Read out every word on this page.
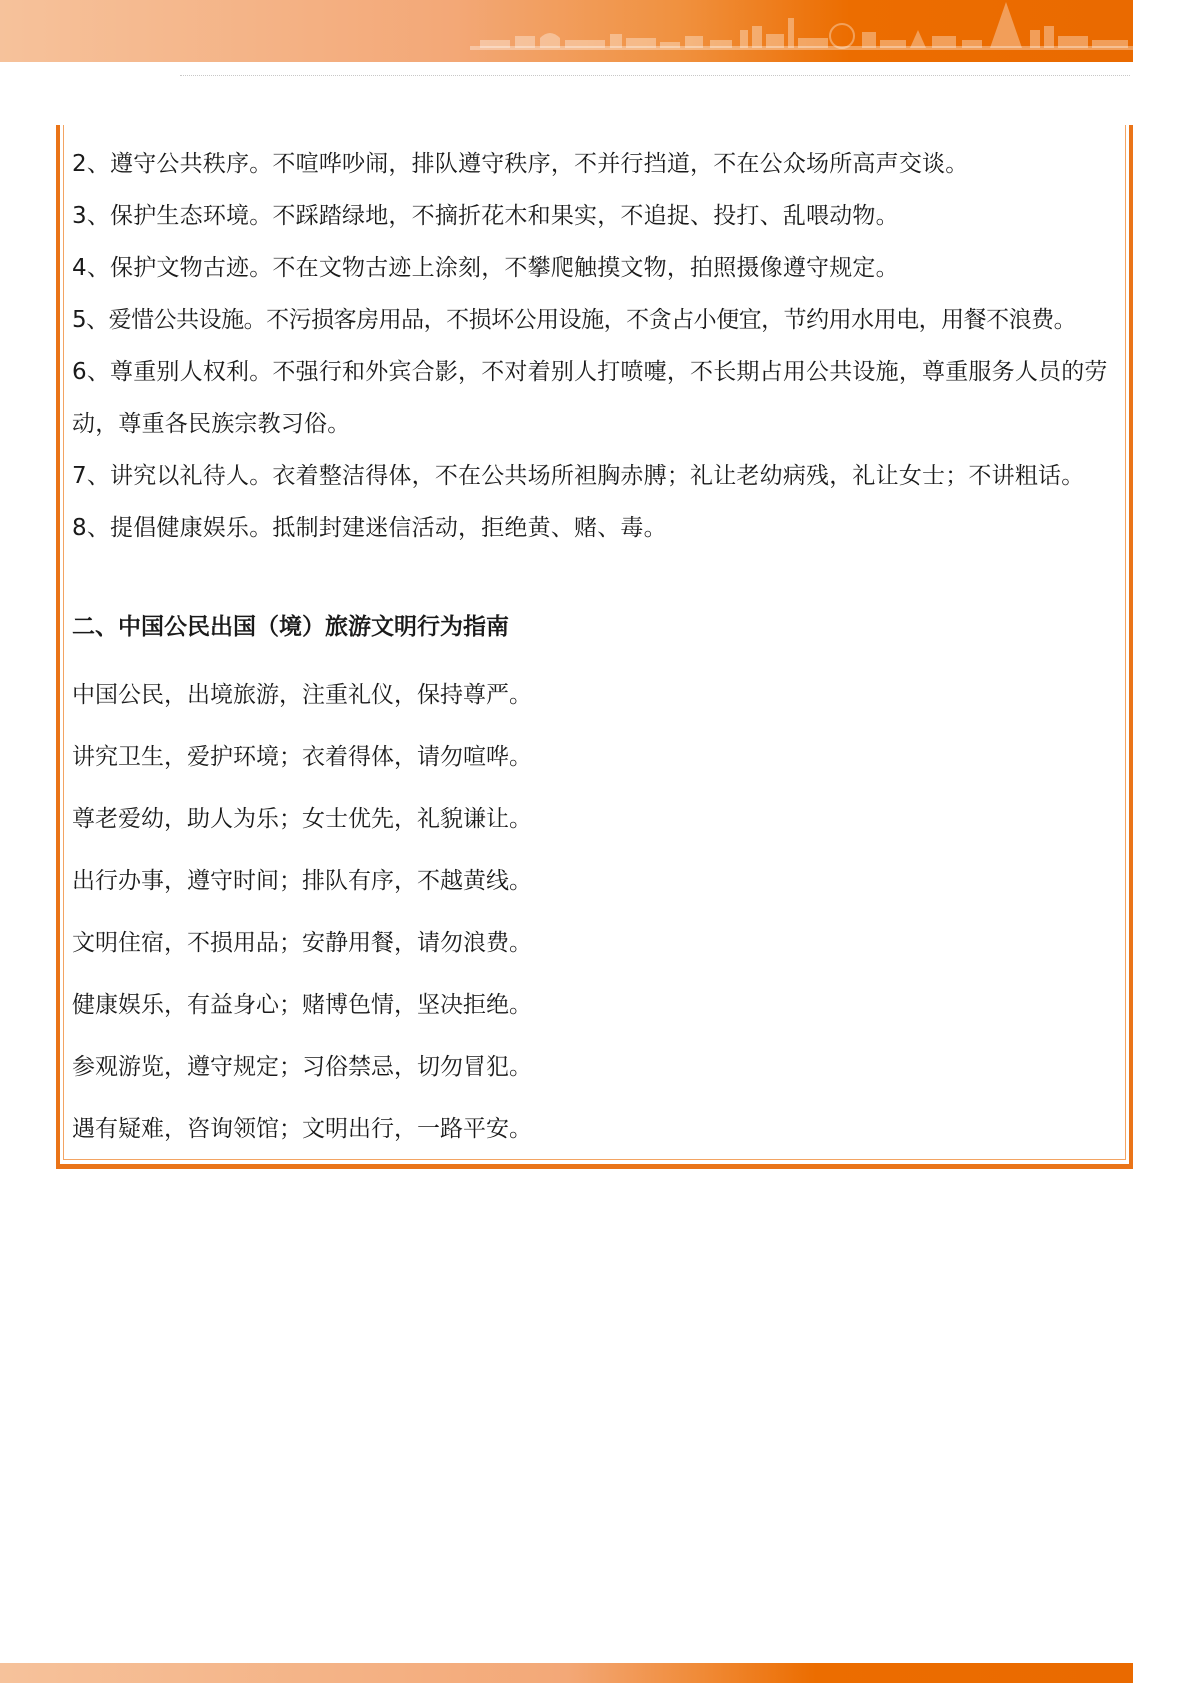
2、遵守公共秩序。不喧哗吵闹，排队遵守秩序，不并行挡道，不在公众场所高声交谈。

3、保护生态环境。不踩踏绿地，不摘折花木和果实，不追捉、投打、乱喂动物。

4、保护文物古迹。不在文物古迹上涂刻，不攀爬触摸文物，拍照摄像遵守规定。

5、爱惜公共设施。不污损客房用品，不损坏公用设施，不贪占小便宜，节约用水用电，用餐不浪费。

6、尊重别人权利。不强行和外宾合影，不对着别人打喷嚏，不长期占用公共设施，尊重服务人员的劳动，尊重各民族宗教习俗。

7、讲究以礼待人。衣着整洁得体，不在公共场所袒胸赤膊；礼让老幼病残，礼让女士；不讲粗话。

8、提倡健康娱乐。抵制封建迷信活动，拒绝黄、赌、毒。

二、中国公民出国（境）旅游文明行为指南

中国公民，出境旅游，注重礼仪，保持尊严。

讲究卫生，爱护环境；衣着得体，请勿喧哗。

尊老爱幼，助人为乐；女士优先，礼貌谦让。

出行办事，遵守时间；排队有序，不越黄线。

文明住宿，不损用品；安静用餐，请勿浪费。

健康娱乐，有益身心；赌博色情，坚决拒绝。

参观游览，遵守规定；习俗禁忌，切勿冒犯。

遇有疑难，咨询领馆；文明出行，一路平安。
